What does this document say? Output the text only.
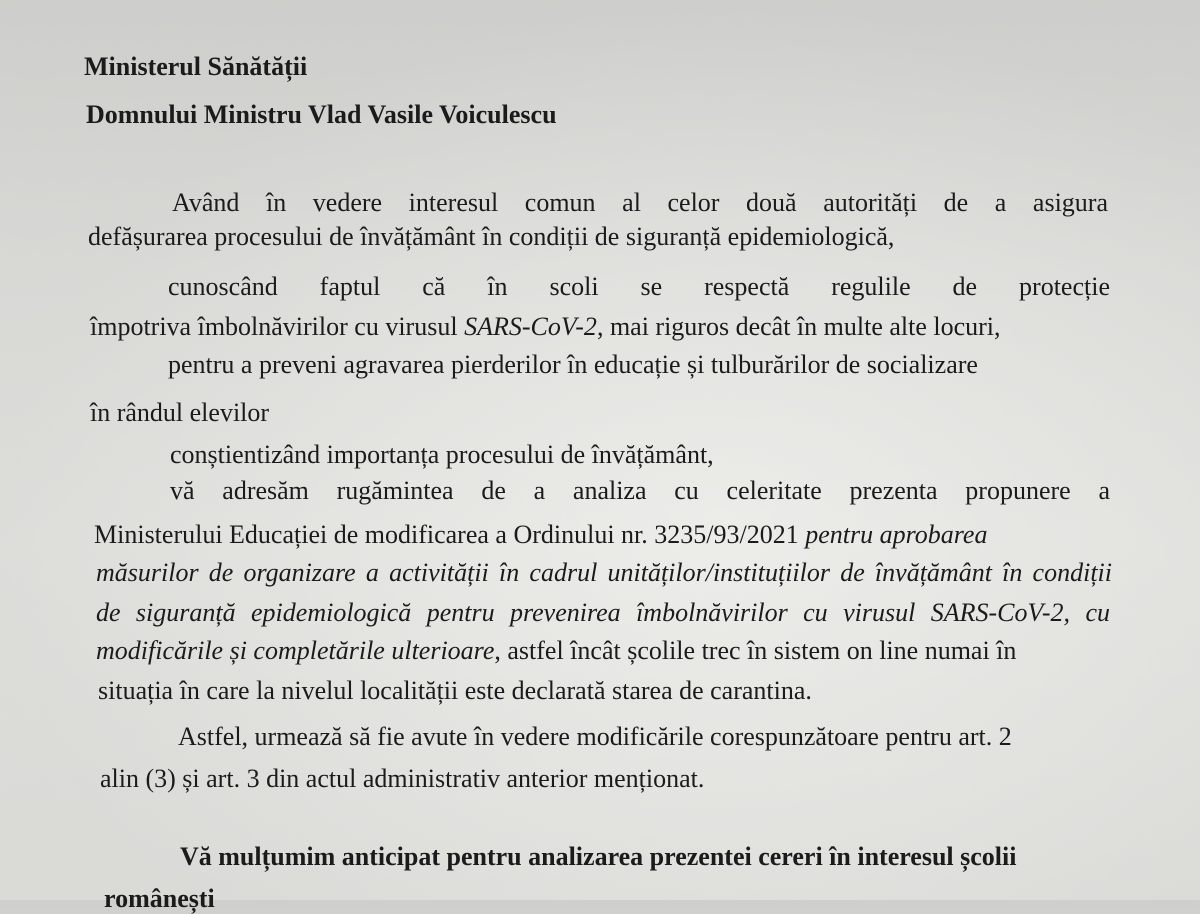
Ministerul Sănătății
Domnului Ministru Vlad Vasile Voiculescu
Având în vedere interesul comun al celor două autorități de a asigura
defășurarea procesului de învățământ în condiții de siguranță epidemiologică,
cunoscând faptul că în scoli se respectă regulile de protecție
împotriva îmbolnăvirilor cu virusul SARS-CoV-2, mai riguros decât în multe alte locuri,
pentru a preveni agravarea pierderilor în educație și tulburărilor de socializare
în rândul elevilor
conștientizând importanța procesului de învățământ,
vă adresăm rugămintea de a analiza cu celeritate prezenta propunere a
Ministerului Educației de modificarea a Ordinului nr. 3235/93/2021 pentru aprobarea
măsurilor de organizare a activității în cadrul unităților/instituțiilor de învățământ în condiții
de siguranță epidemiologică pentru prevenirea îmbolnăvirilor cu virusul SARS-CoV-2, cu
modificările și completările ulterioare, astfel încât școlile trec în sistem on line numai în
situația în care la nivelul localității este declarată starea de carantina.
Astfel, urmează să fie avute în vedere modificările corespunzătoare pentru art. 2
alin (3) și art. 3 din actul administrativ anterior menționat.
Vă mulțumim anticipat pentru analizarea prezentei cereri în interesul școlii
românești
